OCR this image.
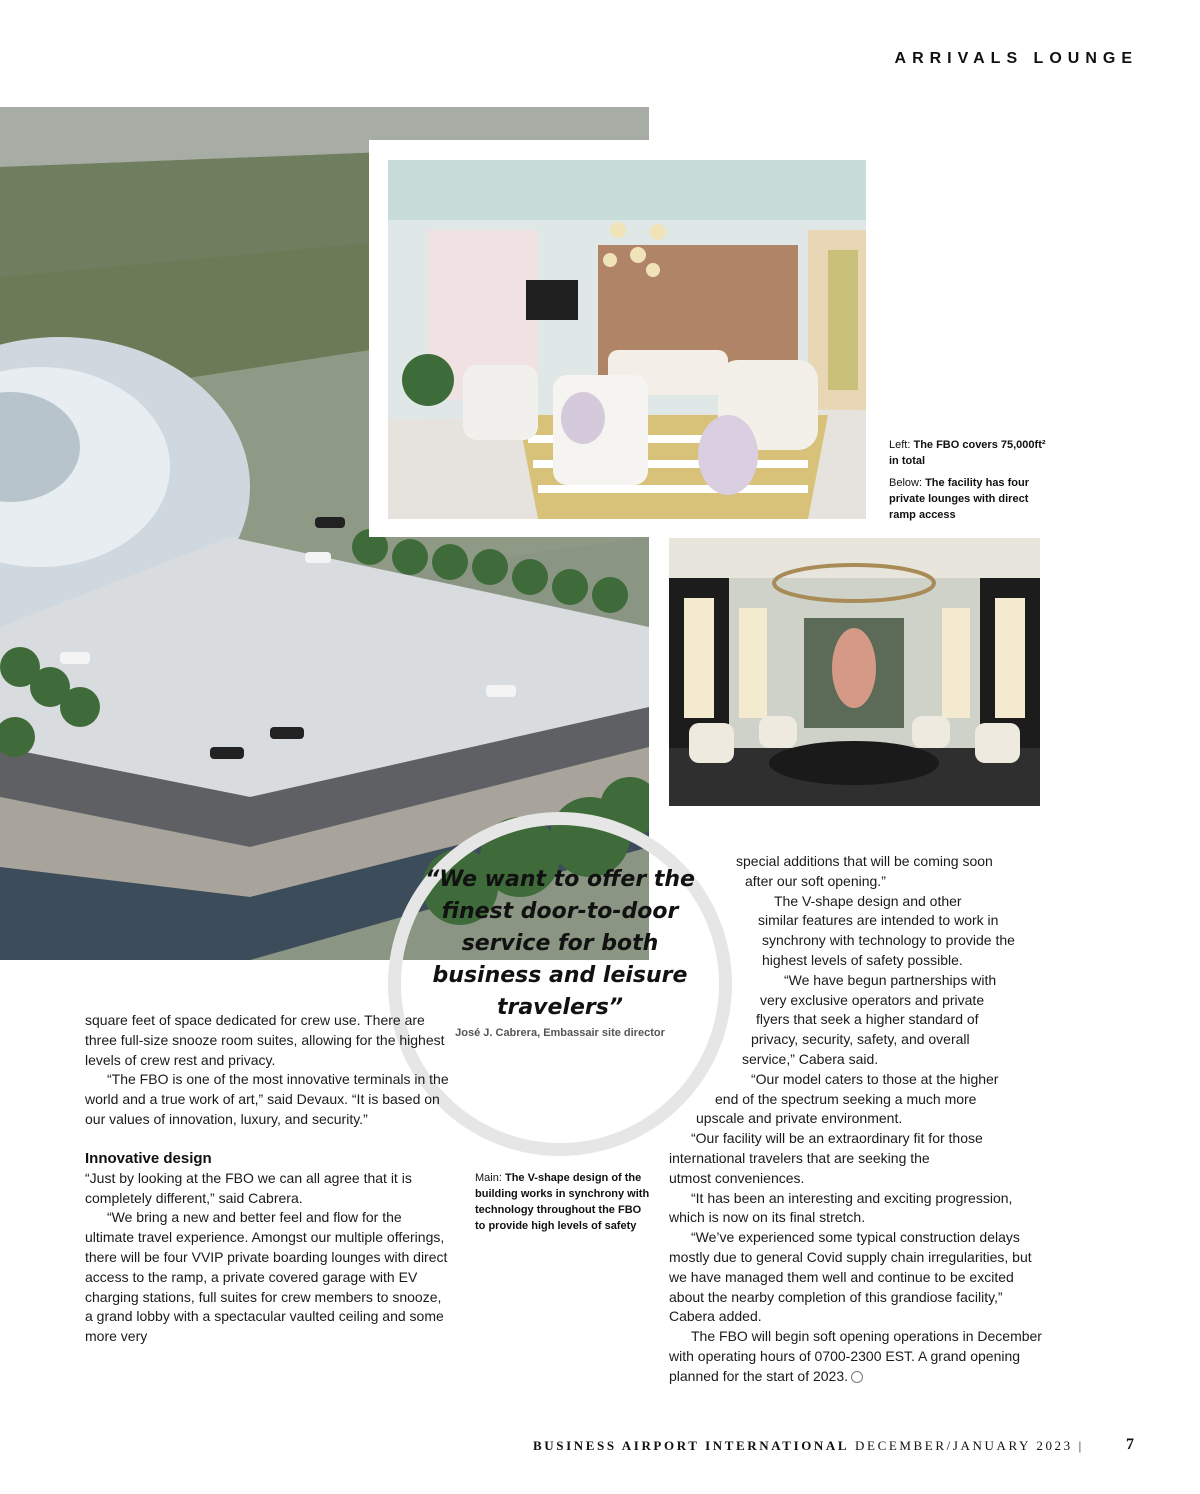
ARRIVALS LOUNGE

Left: The FBO covers 75,000ft² in total

Below: The facility has four private lounges with direct ramp access

“We want to offer the finest door-to-door service for both business and leisure travelers”
José J. Cabrera, Embassair site director
Main: The V-shape design of the building works in synchrony with technology throughout the FBO to provide high levels of safety

square feet of space dedicated for crew use. There are three full-size snooze room suites, allowing for the highest levels of crew rest and privacy.

“The FBO is one of the most innovative terminals in the world and a true work of art,” said Devaux. “It is based on our values of innovation, luxury, and security.”

Innovative design

“Just by looking at the FBO we can all agree that it is completely different,” said Cabrera.

“We bring a new and better feel and flow for the ultimate travel experience. Amongst our multiple offerings, there will be four VVIP private boarding lounges with direct access to the ramp, a private covered garage with EV charging stations, full suites for crew members to snooze, a grand lobby with a spectacular vaulted ceiling and some more very

special additions that will be coming soon
after our soft opening.”
The V-shape design and other
similar features are intended to work in
synchrony with technology to provide the
highest levels of safety possible.
“We have begun partnerships with
very exclusive operators and private
flyers that seek a higher standard of
privacy, security, safety, and overall
service,” Cabera said.
“Our model caters to those at the higher
end of the spectrum seeking a much more
upscale and private environment.
“Our facility will be an extraordinary fit for those
international travelers that are seeking the
utmost conveniences.

“It has been an interesting and exciting progression, which is now on its final stretch.

“We’ve experienced some typical construction delays mostly due to general Covid supply chain irregularities, but we have managed them well and continue to be excited about the nearby completion of this grandiose facility,” Cabera added.

The FBO will begin soft opening operations in December with operating hours of 0700-2300 EST. A grand opening planned for the start of 2023.

BUSINESS AIRPORT INTERNATIONAL DECEMBER/JANUARY 2023 |	7
